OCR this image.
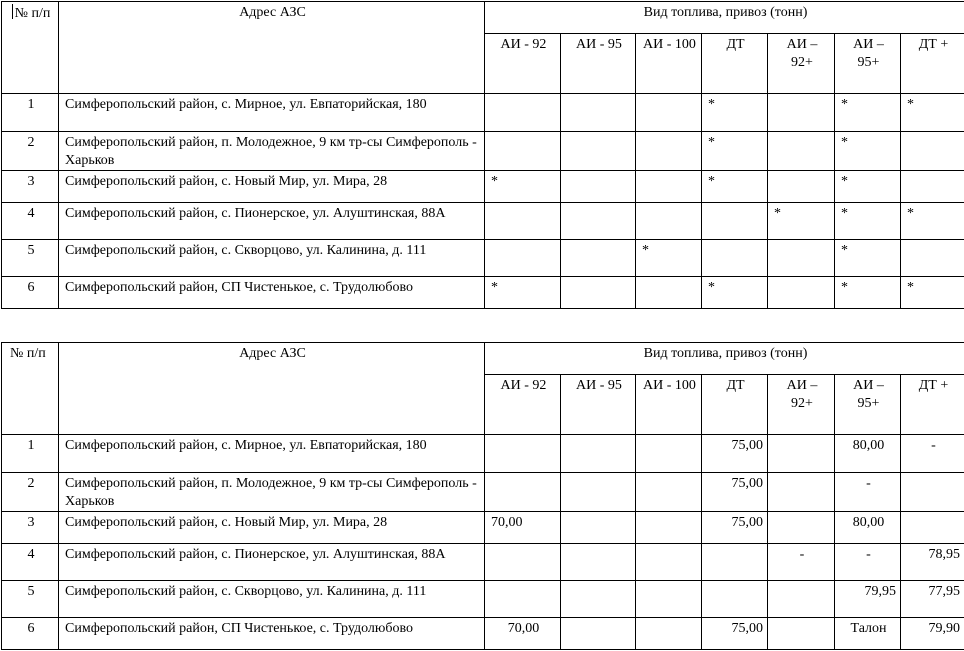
№ п/п	Адрес АЗС	Вид топлива, привоз (тонн)						
		АИ - 92	АИ - 95	АИ - 100	ДТ	АИ – 92+	АИ – 95+	ДТ +
1	Симферопольский район, с. Мирное, ул. Евпаторийская, 180				*		*	*
2	Симферопольский район, п. Молодежное, 9 км тр-сы Симферополь - Харьков				*		*	
3	Симферопольский район, с. Новый Мир, ул. Мира, 28	*			*		*	
4	Симферопольский район, с. Пионерское, ул. Алуштинская, 88А					*	*	*
5	Симферопольский район, с. Скворцово, ул. Калинина, д. 111			*			*	
6	Симферопольский район, СП Чистенькое, с. Трудолюбово	*			*		*	*
№ п/п	Адрес АЗС	Вид топлива, привоз (тонн)						
		АИ - 92	АИ - 95	АИ - 100	ДТ	АИ – 92+	АИ – 95+	ДТ +
1	Симферопольский район, с. Мирное, ул. Евпаторийская, 180				75,00		80,00	-
2	Симферопольский район, п. Молодежное, 9 км тр-сы Симферополь - Харьков				75,00		-	
3	Симферопольский район, с. Новый Мир, ул. Мира, 28	70,00			75,00		80,00	
4	Симферопольский район, с. Пионерское, ул. Алуштинская, 88А					-	-	78,95
5	Симферопольский район, с. Скворцово, ул. Калинина, д. 111						79,95	77,95
6	Симферопольский район, СП Чистенькое, с. Трудолюбово	70,00			75,00		Талон	79,90
